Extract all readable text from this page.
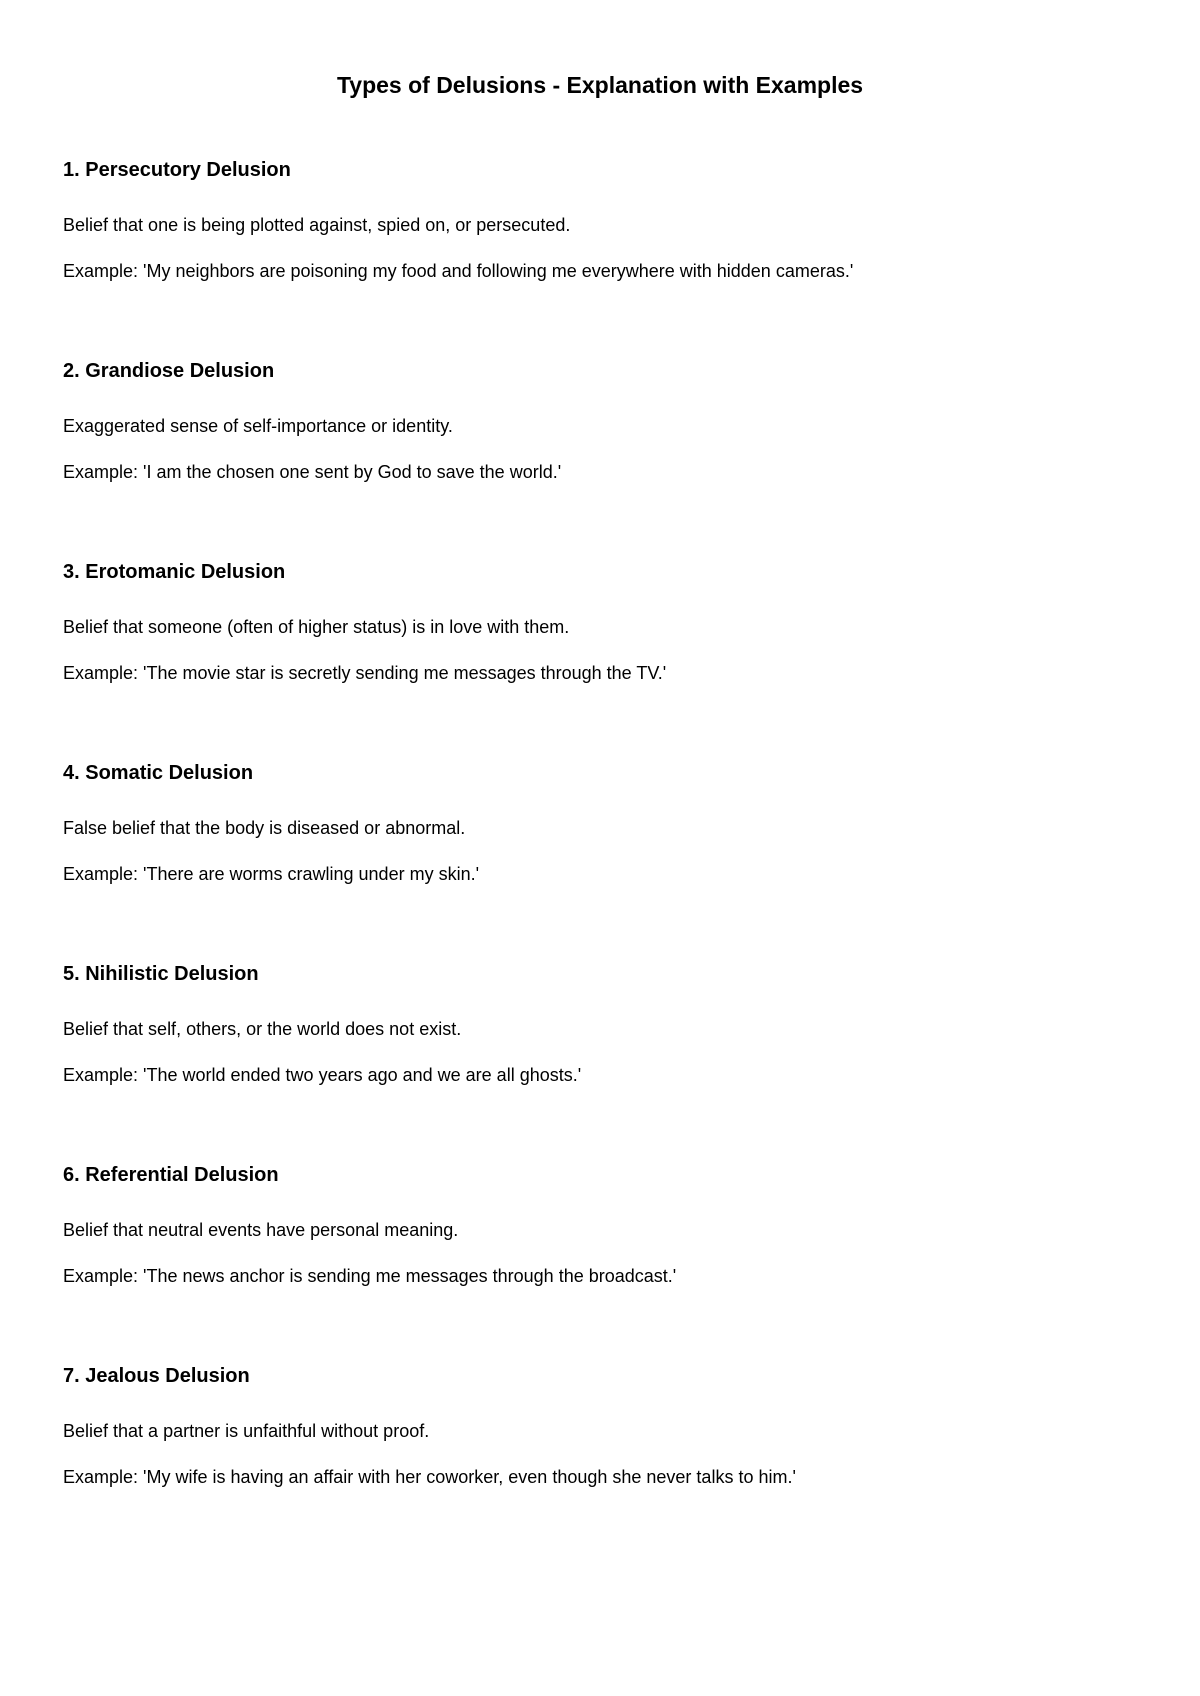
Types of Delusions - Explanation with Examples
1. Persecutory Delusion

Belief that one is being plotted against, spied on, or persecuted.

Example: 'My neighbors are poisoning my food and following me everywhere with hidden cameras.'

2. Grandiose Delusion

Exaggerated sense of self-importance or identity.

Example: 'I am the chosen one sent by God to save the world.'

3. Erotomanic Delusion

Belief that someone (often of higher status) is in love with them.

Example: 'The movie star is secretly sending me messages through the TV.'

4. Somatic Delusion

False belief that the body is diseased or abnormal.

Example: 'There are worms crawling under my skin.'

5. Nihilistic Delusion

Belief that self, others, or the world does not exist.

Example: 'The world ended two years ago and we are all ghosts.'

6. Referential Delusion

Belief that neutral events have personal meaning.

Example: 'The news anchor is sending me messages through the broadcast.'

7. Jealous Delusion

Belief that a partner is unfaithful without proof.

Example: 'My wife is having an affair with her coworker, even though she never talks to him.'
